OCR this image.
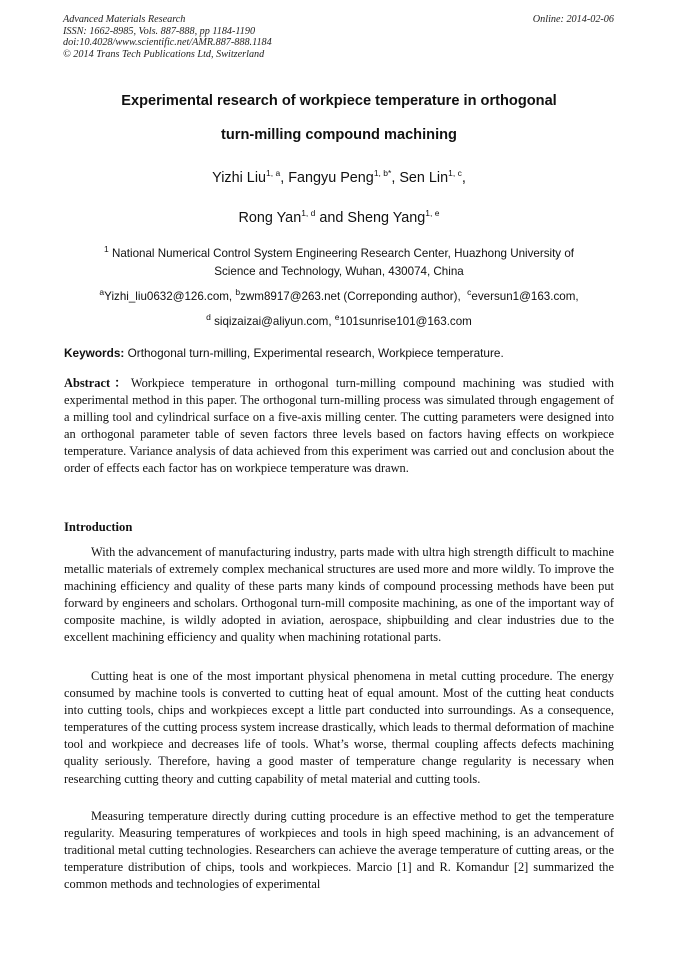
Advanced Materials Research
ISSN: 1662-8985, Vols. 887-888, pp 1184-1190
doi:10.4028/www.scientific.net/AMR.887-888.1184
© 2014 Trans Tech Publications Ltd, Switzerland
Online: 2014-02-06
Experimental research of workpiece temperature in orthogonal
turn-milling compound machining
Yizhi Liu$^{1, a}$, Fangyu Peng$^{1, b*}$, Sen Lin$^{1, c}$,
Rong Yan$^{1, d}$ and Sheng Yang$^{1, e}$
$^1$ National Numerical Control System Engineering Research Center, Huazhong University of
Science and Technology, Wuhan, 430074, China
$^a$Yizhi_liu0632@126.com, $^b$zwm8917@263.net (Correponding author), $^c$eversun1@163.com,
$^d$ siqizaizai@aliyun.com, $^e$101sunrise101@163.com
Keywords: Orthogonal turn-milling, Experimental research, Workpiece temperature.
Abstract：Workpiece temperature in orthogonal turn-milling compound machining was studied with experimental method in this paper. The orthogonal turn-milling process was simulated through engagement of a milling tool and cylindrical surface on a five-axis milling center. The cutting parameters were designed into an orthogonal parameter table of seven factors three levels based on factors having effects on workpiece temperature. Variance analysis of data achieved from this experiment was carried out and conclusion about the order of effects each factor has on workpiece temperature was drawn.
Introduction
With the advancement of manufacturing industry, parts made with ultra high strength difficult to machine metallic materials of extremely complex mechanical structures are used more and more wildly. To improve the machining efficiency and quality of these parts many kinds of compound processing methods have been put forward by engineers and scholars. Orthogonal turn-mill composite machining, as one of the important way of composite machine, is wildly adopted in aviation, aerospace, shipbuilding and clear industries due to the excellent machining efficiency and quality when machining rotational parts.
Cutting heat is one of the most important physical phenomena in metal cutting procedure. The energy consumed by machine tools is converted to cutting heat of equal amount. Most of the cutting heat conducts into cutting tools, chips and workpieces except a little part conducted into surroundings. As a consequence, temperatures of the cutting process system increase drastically, which leads to thermal deformation of machine tool and workpiece and decreases life of tools. What’s worse, thermal coupling affects defects machining quality seriously. Therefore, having a good master of temperature change regularity is necessary when researching cutting theory and cutting capability of metal material and cutting tools.
Measuring temperature directly during cutting procedure is an effective method to get the temperature regularity. Measuring temperatures of workpieces and tools in high speed machining, is an advancement of traditional metal cutting technologies. Researchers can achieve the average temperature of cutting areas, or the temperature distribution of chips, tools and workpieces. Marcio [1] and R. Komandur [2] summarized the common methods and technologies of experimental
